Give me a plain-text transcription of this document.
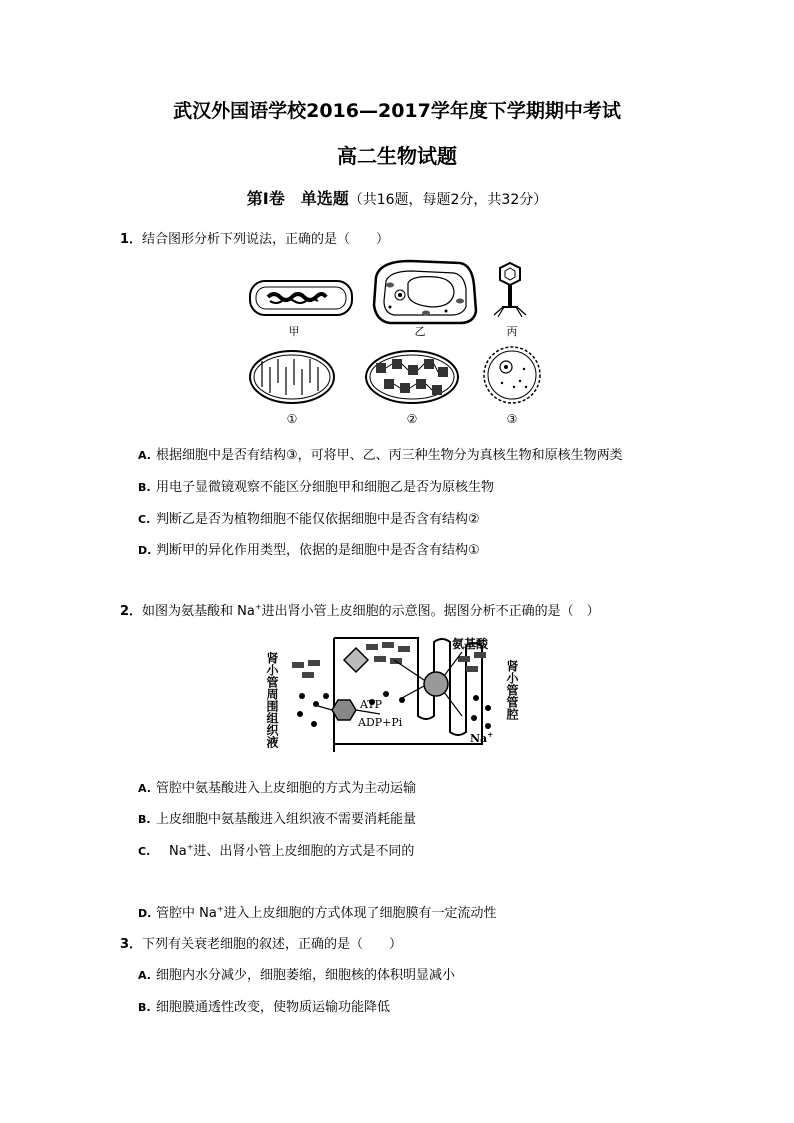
武汉外国语学校2016—2017学年度下学期期中考试
高二生物试题
第Ⅰ卷　单选题（共16题，每题2分，共32分）
1．结合图形分析下列说法，正确的是（　　）
甲	乙	丙
①	②	③
A. 根据细胞中是否有结构③，可将甲、乙、丙三种生物分为真核生物和原核生物两类
B. 用电子显微镜观察不能区分细胞甲和细胞乙是否为原核生物
C. 判断乙是否为植物细胞不能仅依据细胞中是否含有结构②
D. 判断甲的异化作用类型，依据的是细胞中是否含有结构①
2．如图为氨基酸和 Na+进出肾小管上皮细胞的示意图。据图分析不正确的是（　）
肾小管周围组织液	肾小管管腔
氨基酸
ATP
ADP+Pi
Na+
A. 管腔中氨基酸进入上皮细胞的方式为主动运输
B. 上皮细胞中氨基酸进入组织液不需要消耗能量
C.　Na+进、出肾小管上皮细胞的方式是不同的
D. 管腔中 Na+进入上皮细胞的方式体现了细胞膜有一定流动性
3．下列有关衰老细胞的叙述，正确的是（　　）
A. 细胞内水分减少，细胞萎缩，细胞核的体积明显减小
B. 细胞膜通透性改变，使物质运输功能降低
